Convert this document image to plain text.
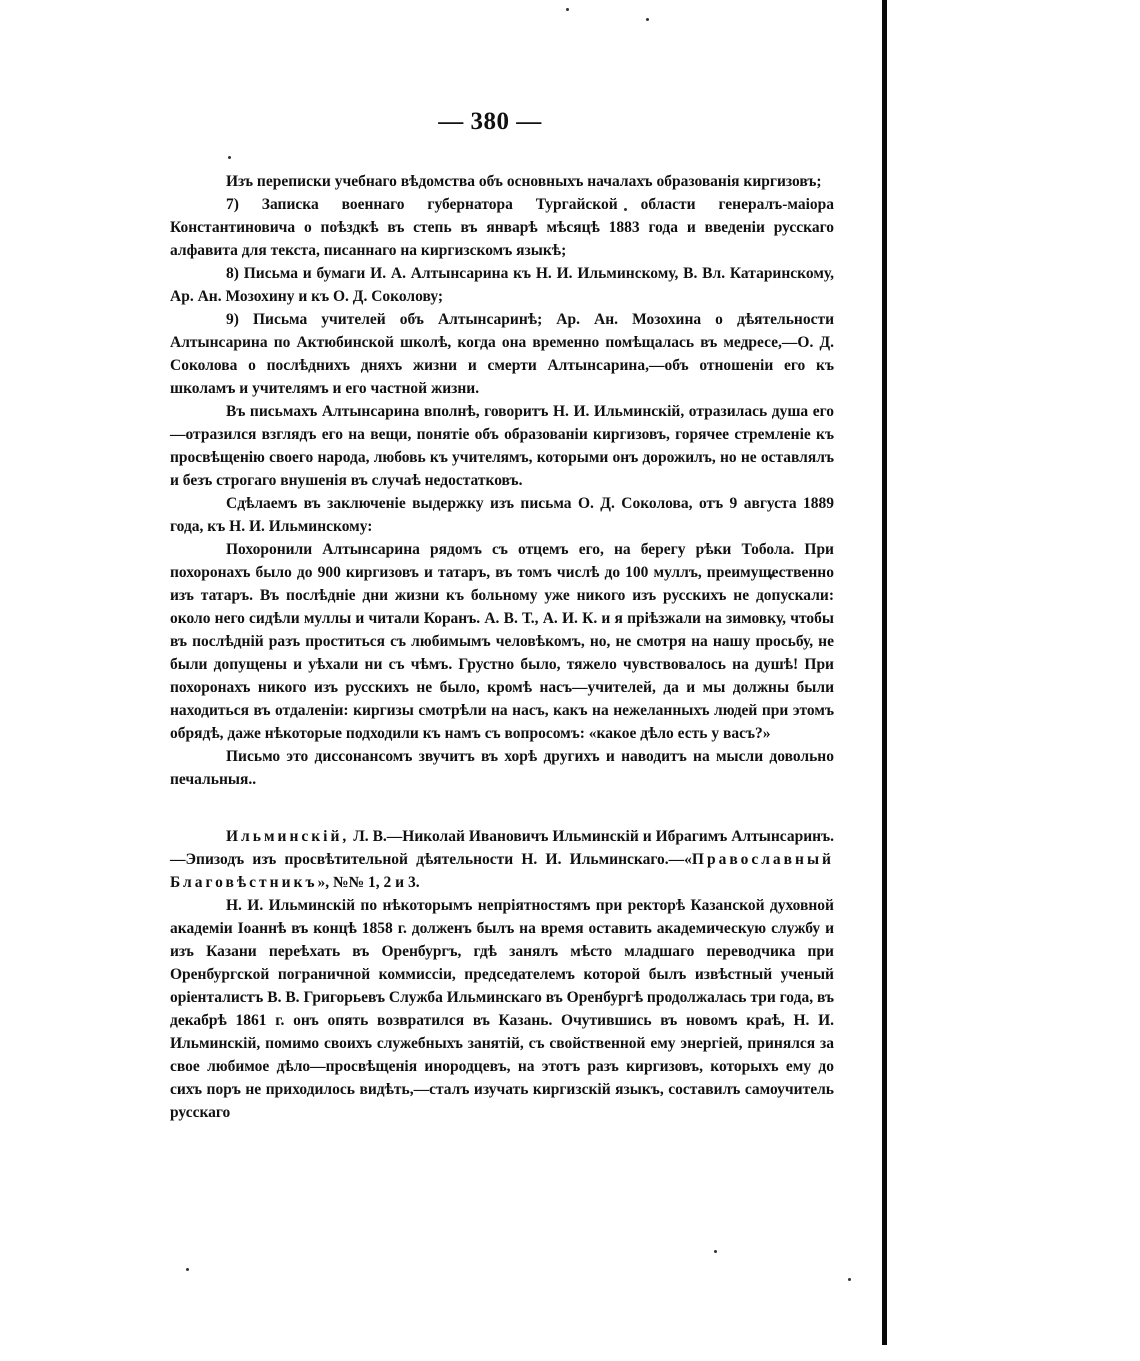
— 380 —

Изъ переписки учебнаго вѣдомства объ основныхъ началахъ образованія киргизовъ;

7) Записка военнаго губернатора Тургайской области генералъ-маіора Константиновича о поѣздкѣ въ степь въ январѣ мѣсяцѣ 1883 года и введеніи русскаго алфавита для текста, писаннаго на киргизскомъ языкѣ;

8) Письма и бумаги И. А. Алтынсарина къ Н. И. Ильминскому, В. Вл. Катаринскому, Ар. Ан. Мозохину и къ О. Д. Соколову;

9) Письма учителей объ Алтынсаринѣ; Ар. Ан. Мозохина о дѣятельности Алтынсарина по Актюбинской школѣ, когда она временно помѣщалась въ медресе,—О. Д. Соколова о послѣднихъ дняхъ жизни и смерти Алтынсарина,—объ отношеніи его къ школамъ и учителямъ и его частной жизни.

Въ письмахъ Алтынсарина вполнѣ, говоритъ Н. И. Ильминскій, отразилась душа его—отразился взглядъ его на вещи, понятіе объ образованіи киргизовъ, горячее стремленіе къ просвѣщенію своего народа, любовь къ учителямъ, которыми онъ дорожилъ, но не оставлялъ и безъ строгаго внушенія въ случаѣ недостатковъ.

Сдѣлаемъ въ заключеніе выдержку изъ письма О. Д. Соколова, отъ 9 августа 1889 года, къ Н. И. Ильминскому:

Похоронили Алтынсарина рядомъ съ отцемъ его, на берегу рѣки Тобола. При похоронахъ было до 900 киргизовъ и татаръ, въ томъ числѣ до 100 муллъ, преимущественно изъ татаръ. Въ послѣдніе дни жизни къ больному уже никого изъ русскихъ не допускали: около него сидѣли муллы и читали Коранъ. А. В. Т., А. И. К. и я пріѣзжали на зимовку, чтобы въ послѣдній разъ проститься съ любимымъ человѣкомъ, но, не смотря на нашу просьбу, не были допущены и уѣхали ни съ чѣмъ. Грустно было, тяжело чувствовалось на душѣ! При похоронахъ никого изъ русскихъ не было, кромѣ насъ—учителей, да и мы должны были находиться въ отдаленіи: киргизы смотрѣли на насъ, какъ на нежеланныхъ людей при этомъ обрядѣ, даже нѣкоторые подходили къ намъ съ вопросомъ: «какое дѣло есть у васъ?»

Письмо это диссонансомъ звучитъ въ хорѣ другихъ и наводитъ на мысли довольно печальныя..

Ильминскій, Л. В.—Николай Ивановичъ Ильминскій и Ибрагимъ Алтынсаринъ.—Эпизодъ изъ просвѣтительной дѣятельности Н. И. Ильминскаго.—«Православный Благовѣстникъ», №№ 1, 2 и 3.

Н. И. Ильминскій по нѣкоторымъ непріятностямъ при ректорѣ Казанской духовной академіи Іоаннѣ въ концѣ 1858 г. долженъ былъ на время оставить академическую службу и изъ Казани переѣхать въ Оренбургъ, гдѣ занялъ мѣсто младшаго переводчика при Оренбургской пограничной коммиссіи, председателемъ которой былъ извѣстный ученый оріенталистъ В. В. Григорьевъ Служба Ильминскаго въ Оренбургѣ продолжалась три года, въ декабрѣ 1861 г. онъ опять возвратился въ Казань. Очутившись въ новомъ краѣ, Н. И. Ильминскій, помимо своихъ служебныхъ занятій, съ свойственной ему энергіей, принялся за свое любимое дѣло—просвѣщенія инородцевъ, на этотъ разъ киргизовъ, которыхъ ему до сихъ поръ не приходилось видѣть,—сталъ изучать киргизскій языкъ, составилъ самоучитель русскаго
